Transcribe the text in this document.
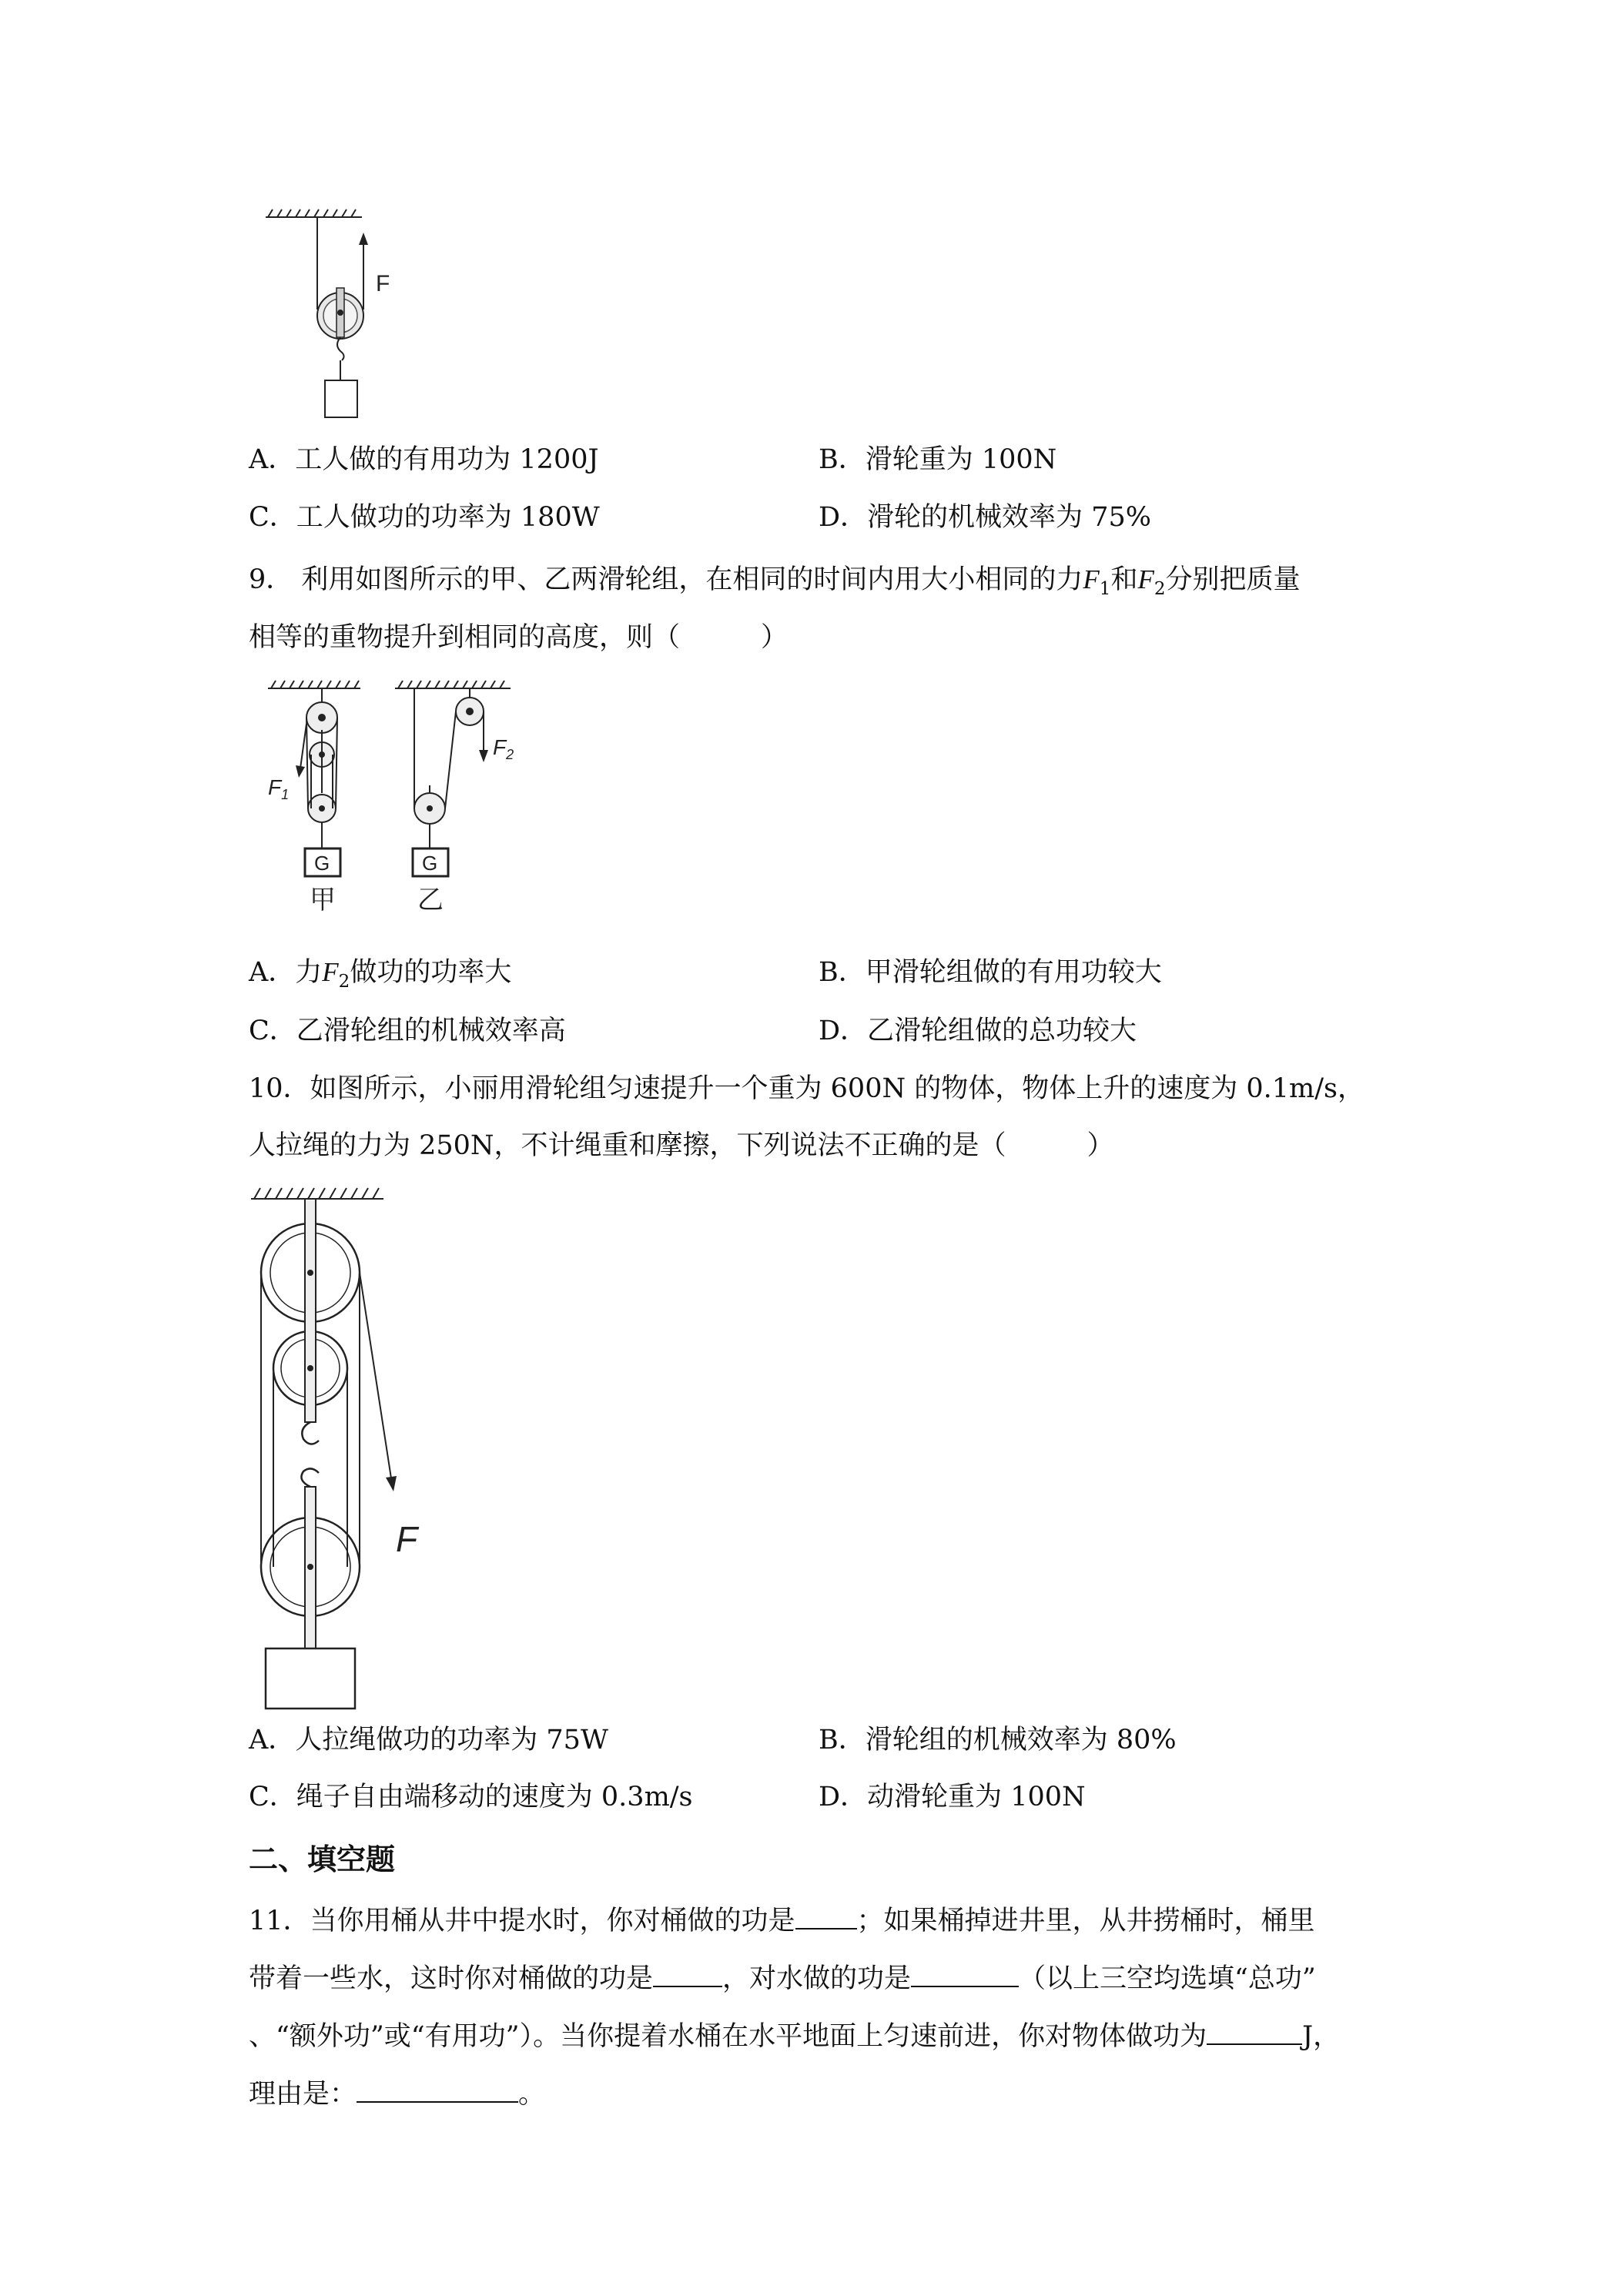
F
A．工人做的有用功为 1200J	B．滑轮重为 100N
C．工人做功的功率为 180W	D．滑轮的机械效率为 75%
9． 利用如图所示的甲、乙两滑轮组，在相同的时间内用大小相同的力$F_1$和$F_2$分别把质量
相等的重物提升到相同的高度，则（　　　）
$F_1$
G
甲
$F_2$
G
乙
A．力$F_2$做功的功率大	B．甲滑轮组做的有用功较大
C．乙滑轮组的机械效率高	D．乙滑轮组做的总功较大
10．如图所示，小丽用滑轮组匀速提升一个重为 600N 的物体，物体上升的速度为 0.1m/s，
人拉绳的力为 250N，不计绳重和摩擦，下列说法不正确的是（　　　）
F
A．人拉绳做功的功率为 75W	B．滑轮组的机械效率为 80%
C．绳子自由端移动的速度为 0.3m/s	D．动滑轮重为 100N
二、填空题
11．当你用桶从井中提水时，你对桶做的功是 ；如果桶掉进井里，从井捞桶时，桶里
带着一些水，这时你对桶做的功是	，对水做的功是	（以上三空均选填“总功”
、“额外功”或“有用功”）。当你提着水桶在水平地面上匀速前进，你对物体做功为	J，
理由是：	。
